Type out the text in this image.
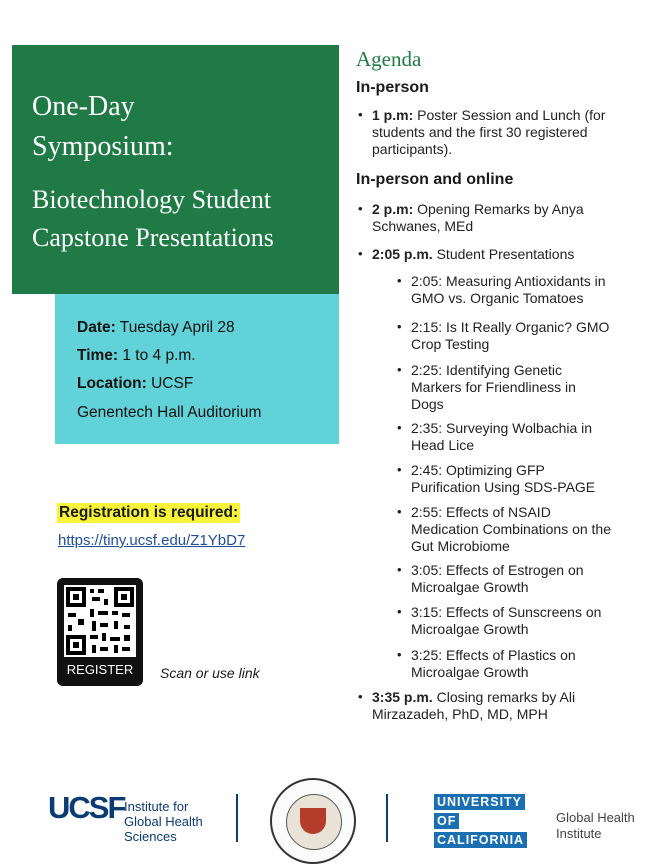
One-Day
Symposium:
Biotechnology Student
Capstone Presentations
Date: Tuesday April 28
Time: 1 to 4 p.m.
Location: UCSF
Genentech Hall Auditorium
Registration is required:
https://tiny.ucsf.edu/Z1YbD7
REGISTER	Scan or use link
Agenda
In-person
• 1 p.m: Poster Session and Lunch (for
students and the first 30 registered
participants).
In-person and online
• 2 p.m: Opening Remarks by Anya
Schwanes, MEd
• 2:05 p.m. Student Presentations
• 2:05: Measuring Antioxidants in
GMO vs. Organic Tomatoes
• 2:15: Is It Really Organic? GMO
Crop Testing
• 2:25: Identifying Genetic
Markers for Friendliness in
Dogs
• 2:35: Surveying Wolbachia in
Head Lice
• 2:45: Optimizing GFP
Purification Using SDS-PAGE
• 2:55: Effects of NSAID
Medication Combinations on the
Gut Microbiome
• 3:05: Effects of Estrogen on
Microalgae Growth
• 3:15: Effects of Sunscreens on
Microalgae Growth
• 3:25: Effects of Plastics on
Microalgae Growth
• 3:35 p.m. Closing remarks by Ali
Mirzazadeh, PhD, MD, MPH
UCSF Institute for
Global Health
Sciences
UNIVERSITY
OF
CALIFORNIA
Global Health
Institute
